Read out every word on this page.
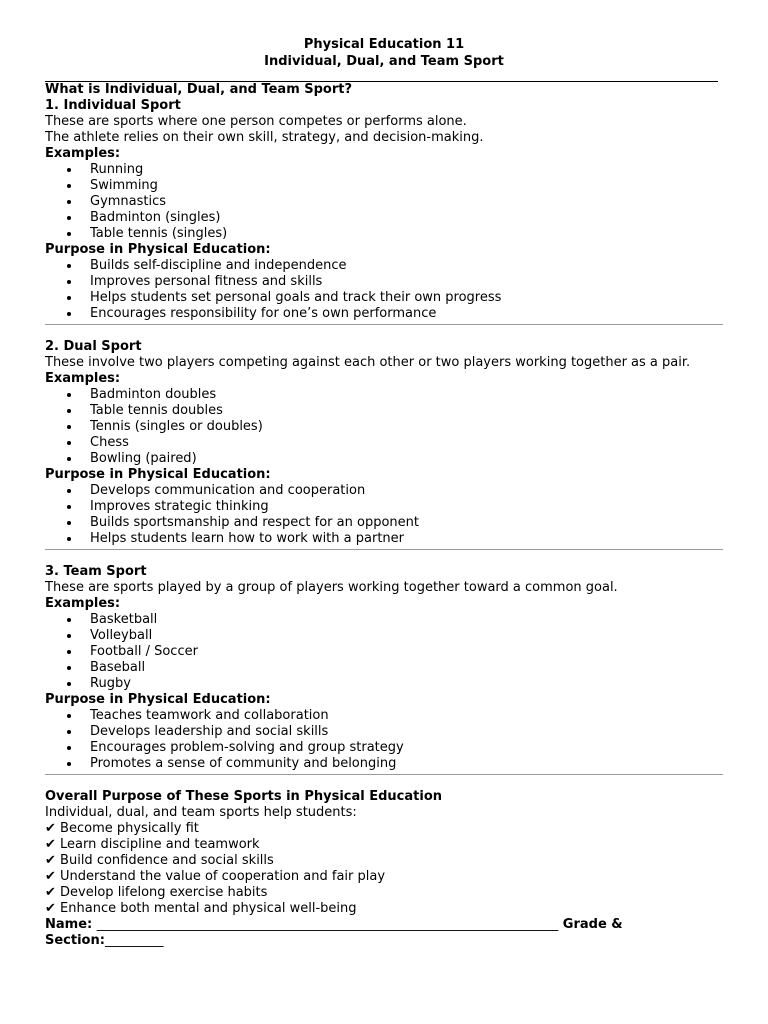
Physical Education 11
Individual, Dual, and Team Sport
What is Individual, Dual, and Team Sport?
1. Individual Sport
These are sports where one person competes or performs alone.
The athlete relies on their own skill, strategy, and decision-making.
Examples:
Running
Swimming
Gymnastics
Badminton (singles)
Table tennis (singles)
Purpose in Physical Education:
Builds self-discipline and independence
Improves personal fitness and skills
Helps students set personal goals and track their own progress
Encourages responsibility for one’s own performance
2. Dual Sport
These involve two players competing against each other or two players working together as a pair.
Examples:
Badminton doubles
Table tennis doubles
Tennis (singles or doubles)
Chess
Bowling (paired)
Purpose in Physical Education:
Develops communication and cooperation
Improves strategic thinking
Builds sportsmanship and respect for an opponent
Helps students learn how to work with a partner
3. Team Sport
These are sports played by a group of players working together toward a common goal.
Examples:
Basketball
Volleyball
Football / Soccer
Baseball
Rugby
Purpose in Physical Education:
Teaches teamwork and collaboration
Develops leadership and social skills
Encourages problem-solving and group strategy
Promotes a sense of community and belonging
Overall Purpose of These Sports in Physical Education
Individual, dual, and team sports help students:
✔ Become physically fit
✔ Learn discipline and teamwork
✔ Build confidence and social skills
✔ Understand the value of cooperation and fair play
✔ Develop lifelong exercise habits
✔ Enhance both mental and physical well-being
Name: _______________________________________________________________________ Grade &
Section:_________
